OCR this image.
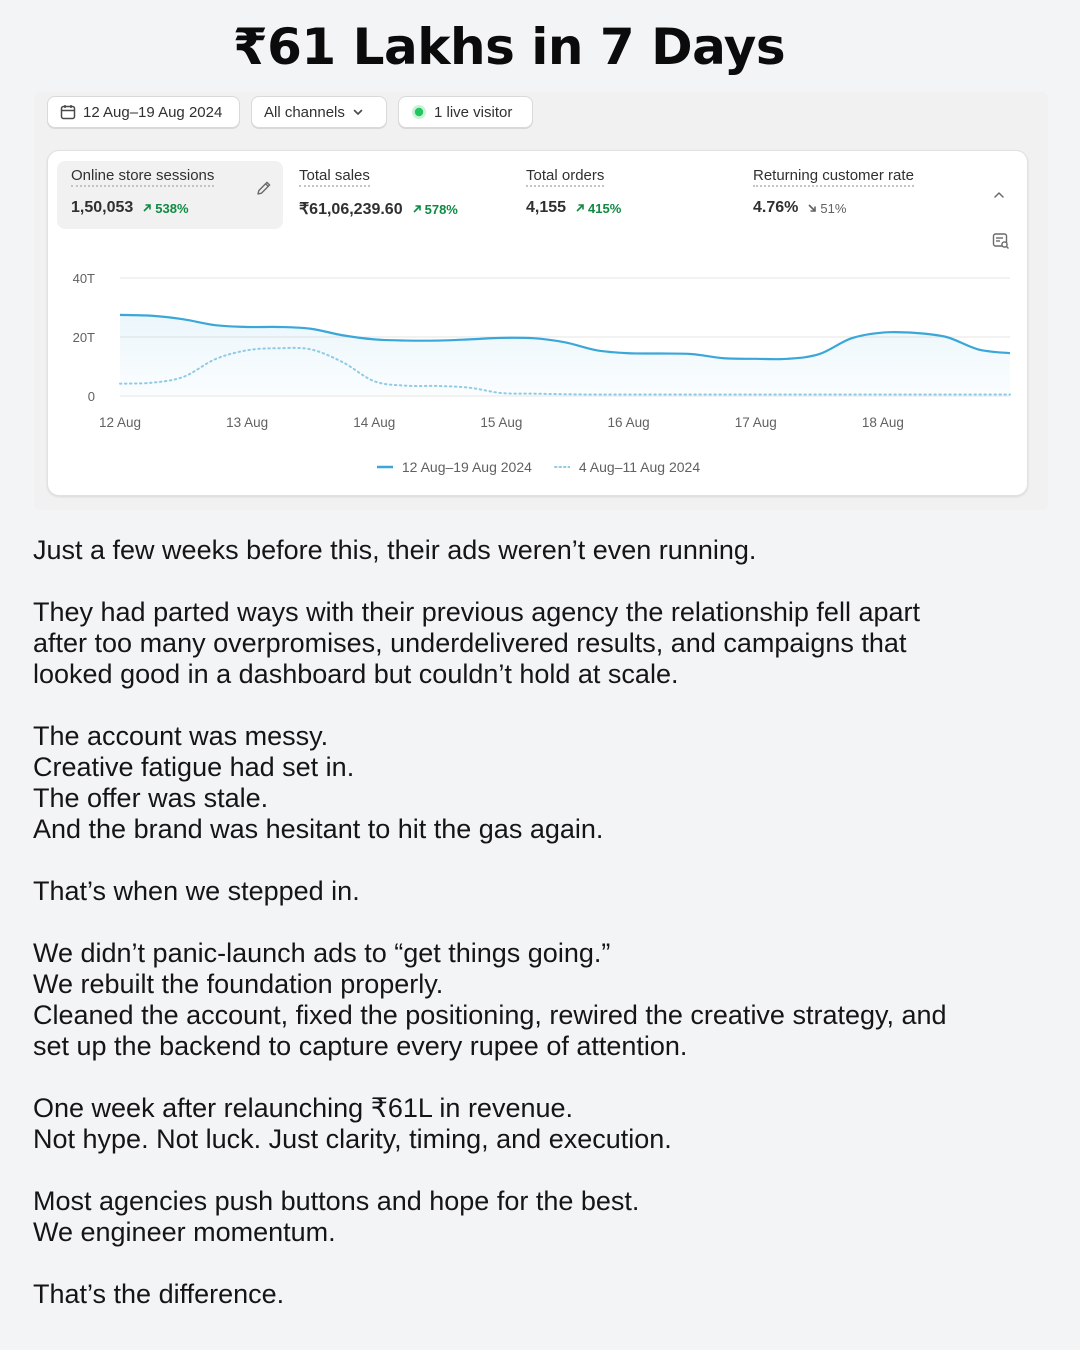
₹61 Lakhs in 7 Days
12 Aug–19 Aug 2024	All channels	1 live visitor
Online store sessions
1,50,053 538%
Total sales
₹61,06,239.60 578%
Total orders
4,155 415%
Returning customer rate
4.76% 51%
0
20T
40T
12 Aug	13 Aug	14 Aug	15 Aug	16 Aug	17 Aug	18 Aug
12 Aug–19 Aug 2024	4 Aug–11 Aug 2024

Just a few weeks before this, their ads weren’t even running.

They had parted ways with their previous agency the relationship fell apart
after too many overpromises, underdelivered results, and campaigns that
looked good in a dashboard but couldn’t hold at scale.

The account was messy.
Creative fatigue had set in.
The offer was stale.
And the brand was hesitant to hit the gas again.

That’s when we stepped in.

We didn’t panic-launch ads to “get things going.”
We rebuilt the foundation properly.
Cleaned the account, fixed the positioning, rewired the creative strategy, and
set up the backend to capture every rupee of attention.

One week after relaunching ₹61L in revenue.
Not hype. Not luck. Just clarity, timing, and execution.

Most agencies push buttons and hope for the best.
We engineer momentum.

That’s the difference.
